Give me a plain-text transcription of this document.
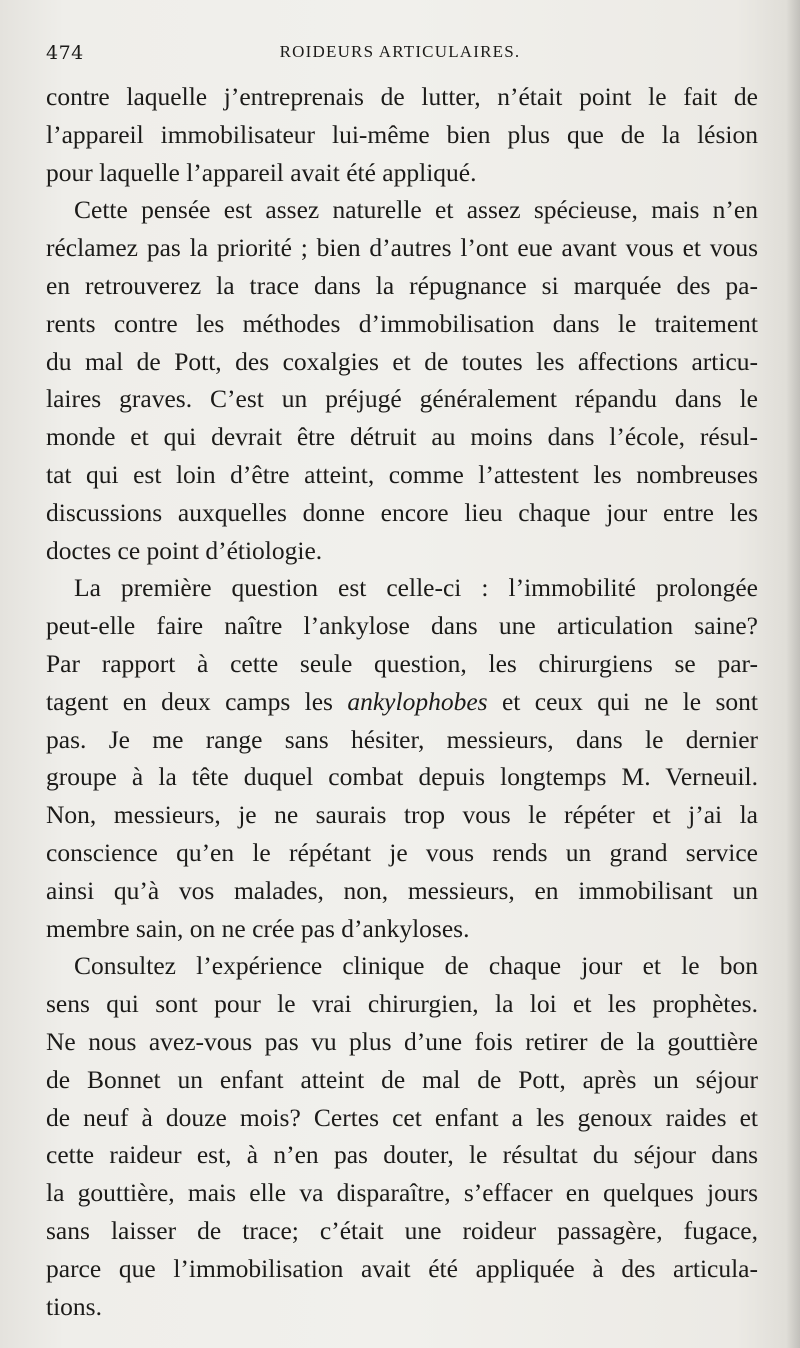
474	ROIDEURS ARTICULAIRES.
contre laquelle j’entreprenais de lutter, n’était point le fait de
l’appareil immobilisateur lui-même bien plus que de la lésion
pour laquelle l’appareil avait été appliqué.
Cette pensée est assez naturelle et assez spécieuse, mais n’en
réclamez pas la priorité ; bien d’autres l’ont eue avant vous et vous
en retrouverez la trace dans la répugnance si marquée des pa-
rents contre les méthodes d’immobilisation dans le traitement
du mal de Pott, des coxalgies et de toutes les affections articu-
laires graves. C’est un préjugé généralement répandu dans le
monde et qui devrait être détruit au moins dans l’école, résul-
tat qui est loin d’être atteint, comme l’attestent les nombreuses
discussions auxquelles donne encore lieu chaque jour entre les
doctes ce point d’étiologie.
La première question est celle-ci : l’immobilité prolongée
peut-elle faire naître l’ankylose dans une articulation saine?
Par rapport à cette seule question, les chirurgiens se par-
tagent en deux camps les ankylophobes et ceux qui ne le sont
pas. Je me range sans hésiter, messieurs, dans le dernier
groupe à la tête duquel combat depuis longtemps M. Verneuil.
Non, messieurs, je ne saurais trop vous le répéter et j’ai la
conscience qu’en le répétant je vous rends un grand service
ainsi qu’à vos malades, non, messieurs, en immobilisant un
membre sain, on ne crée pas d’ankyloses.
Consultez l’expérience clinique de chaque jour et le bon
sens qui sont pour le vrai chirurgien, la loi et les prophètes.
Ne nous avez-vous pas vu plus d’une fois retirer de la gouttière
de Bonnet un enfant atteint de mal de Pott, après un séjour
de neuf à douze mois? Certes cet enfant a les genoux raides et
cette raideur est, à n’en pas douter, le résultat du séjour dans
la gouttière, mais elle va disparaître, s’effacer en quelques jours
sans laisser de trace; c’était une roideur passagère, fugace,
parce que l’immobilisation avait été appliquée à des articula-
tions.
